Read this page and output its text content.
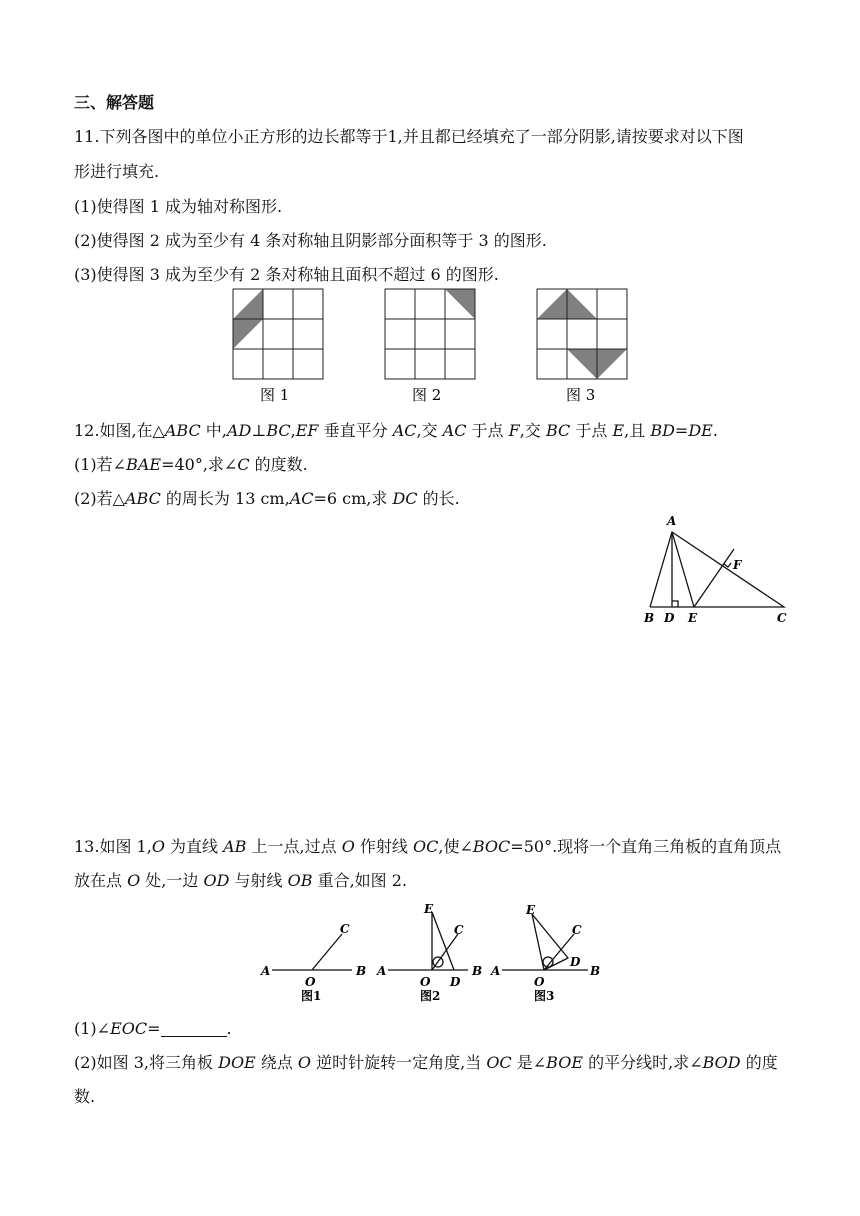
三、解答题
11.下列各图中的单位小正方形的边长都等于1,并且都已经填充了一部分阴影,请按要求对以下图
形进行填充.
(1)使得图 1 成为轴对称图形.
(2)使得图 2 成为至少有 4 条对称轴且阴影部分面积等于 3 的图形.
(3)使得图 3 成为至少有 2 条对称轴且面积不超过 6 的图形.
图 1	图 2	图 3
12.如图,在△ABC 中,AD⊥BC,EF 垂直平分 AC,交 AC 于点 F,交 BC 于点 E,且 BD=DE.
(1)若∠BAE=40°,求∠C 的度数.
(2)若△ABC 的周长为 13 cm,AC=6 cm,求 DC 的长.
A
B D E	C
F
13.如图 1,O 为直线 AB 上一点,过点 O 作射线 OC,使∠BOC=50°.现将一个直角三角板的直角顶点
放在点 O 处,一边 OD 与射线 OB 重合,如图 2.
A	B
C
O
图1
A	B
C
E
O D
图2
A	B
C
E
O
D
图3
(1)∠EOC=	.
(2)如图 3,将三角板 DOE 绕点 O 逆时针旋转一定角度,当 OC 是∠BOE 的平分线时,求∠BOD 的度
数.
